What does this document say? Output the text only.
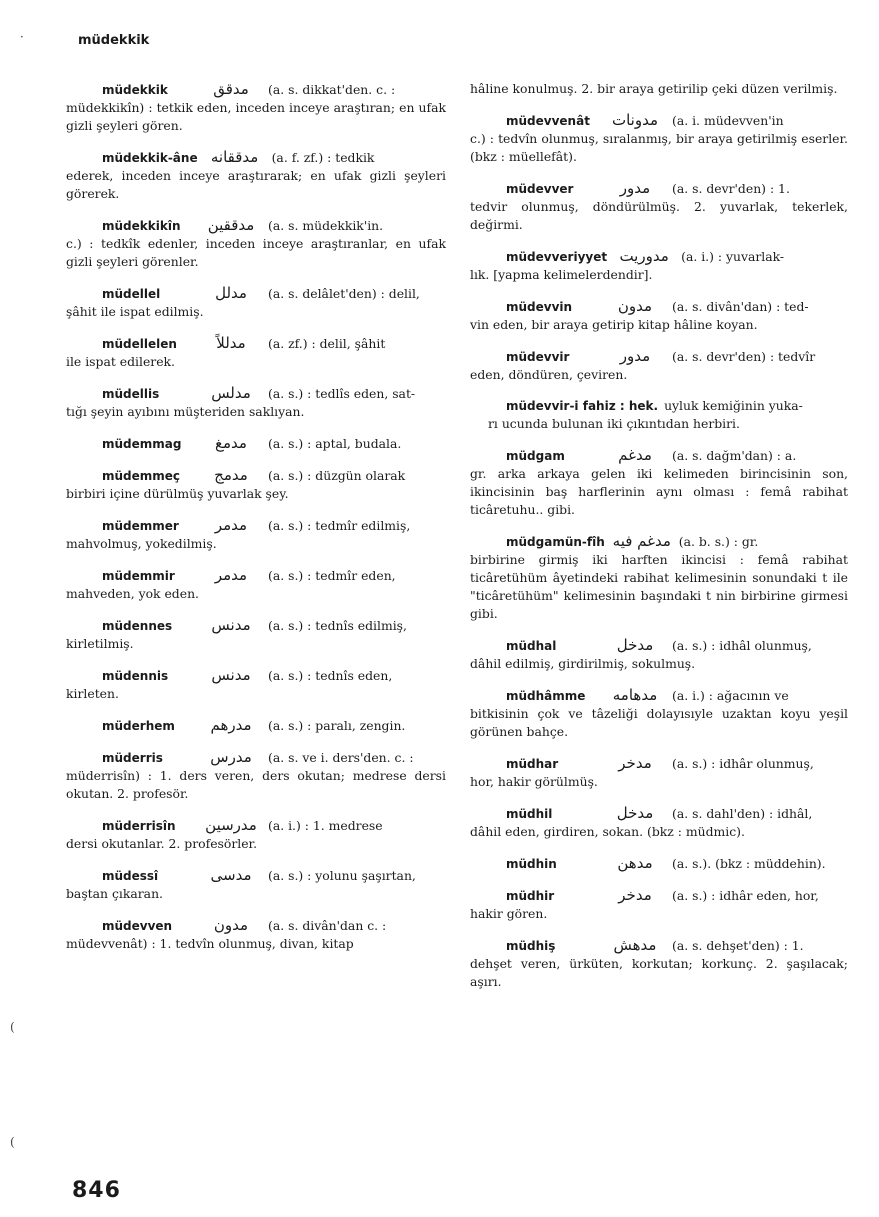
müdekkik
müdekkik	مدقق	(a. s. dikkat'den. c. :
müdekkikîn) : tetkik eden, inceden inceye araştıran; en ufak gizli şeyleri gören.
müdekkik-âne مدققانه	(a. f. zf.) : tedkik
ederek, inceden inceye araştırarak; en ufak gizli şeyleri görerek.
müdekkikîn	مدققين	(a. s. müdekkik'in.
c.) : tedkîk edenler, inceden inceye araştıranlar, en ufak gizli şeyleri görenler.
müdellel	مدلل	(a. s. delâlet'den) : delil,
şâhit ile ispat edilmiş.
müdellelen	مدللاً	(a. zf.) : delil, şâhit
ile ispat edilerek.
müdellis	مدلس	(a. s.) : tedlîs eden, sat-
tığı şeyin ayıbını müşteriden saklıyan.
müdemmag	مدمغ	(a. s.) : aptal, budala.
müdemmeç	مدمج	(a. s.) : düzgün olarak
birbiri içine dürülmüş yuvarlak şey.
müdemmer	مدمر	(a. s.) : tedmîr edilmiş,
mahvolmuş, yokedilmiş.
müdemmir	مدمر	(a. s.) : tedmîr eden,
mahveden, yok eden.
müdennes	مدنس	(a. s.) : tednîs edilmiş,
kirletilmiş.
müdennis	مدنس	(a. s.) : tednîs eden,
kirleten.
müderhem	مدرهم	(a. s.) : paralı, zengin.
müderris	مدرس	(a. s. ve i. ders'den. c. :
müderrisîn) : 1. ders veren, ders okutan; medrese dersi okutan. 2. profesör.
müderrisîn	مدرسين (a. i.) : 1. medrese
dersi okutanlar. 2. profesörler.
müdessî	مدسى	(a. s.) : yolunu şaşırtan,
baştan çıkaran.
müdevven	مدون	(a. s. divân'dan c. :
müdevvenât) : 1. tedvîn olunmuş, divan, kitap
hâline konulmuş. 2. bir araya getirilip çeki düzen verilmiş.
müdevvenât	مدونات	(a. i. müdevven'in
c.) : tedvîn olunmuş, sıralanmış, bir araya getirilmiş eserler. (bkz : müellefât).
müdevver	مدور	(a. s. devr'den) : 1.
tedvir olunmuş, döndürülmüş. 2. yuvarlak, tekerlek, değirmi.
müdevveriyyet مدوريت (a. i.) : yuvarlak-
lık. [yapma kelimelerdendir].
müdevvin	مدون	(a. s. divân'dan) : ted-
vin eden, bir araya getirip kitap hâline koyan.
müdevvir	مدور	(a. s. devr'den) : tedvîr
eden, döndüren, çeviren.
müdevvir-i fahiz : hek. uyluk kemiğinin yuka-
rı ucunda bulunan iki çıkıntıdan herbiri.
müdgam	مدغم	(a. s. dağm'dan) : a.
gr. arka arkaya gelen iki kelimeden birincisinin son, ikincisinin baş harflerinin aynı olması : femâ rabihat ticâretuhu.. gibi.
müdgamün-fîh مدغم فيه (a. b. s.) : gr.
birbirine girmiş iki harften ikincisi : femâ rabihat ticâretühüm âyetindeki rabihat kelimesinin sonundaki t ile "ticâretühüm" kelimesinin başındaki t nin birbirine girmesi gibi.
müdhal	مدخل	(a. s.) : idhâl olunmuş,
dâhil edilmiş, girdirilmiş, sokulmuş.
müdhâmme	مدهامه	(a. i.) : ağacının ve
bitkisinin çok ve tâzeliği dolayısıyle uzaktan koyu yeşil görünen bahçe.
müdhar	مدخر	(a. s.) : idhâr olunmuş,
hor, hakir görülmüş.
müdhil	مدخل	(a. s. dahl'den) : idhâl,
dâhil eden, girdiren, sokan. (bkz : müdmic).
müdhin	مدهن	(a. s.). (bkz : müddehin).
müdhir	مدخر	(a. s.) : idhâr eden, hor,
hakir gören.
müdhiş	مدهش	(a. s. dehşet'den) : 1.
dehşet veren, ürküten, korkutan; korkunç. 2. şaşılacak; aşırı.
·
(
(
846
